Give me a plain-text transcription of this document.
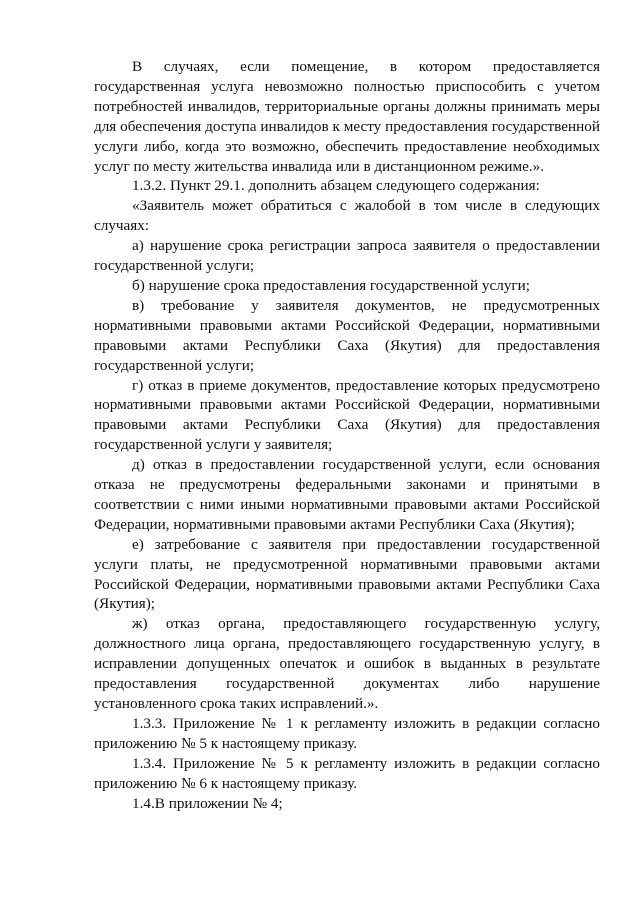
В случаях, если помещение, в котором предоставляется государственная услуга невозможно полностью приспособить с учетом потребностей инвалидов, территориальные органы должны принимать меры для обеспечения доступа инвалидов к месту предоставления государственной услуги либо, когда это возможно, обеспечить предоставление необходимых услуг по месту жительства инвалида или в дистанционном режиме.».

1.3.2. Пункт 29.1. дополнить абзацем следующего содержания:

«Заявитель может обратиться с жалобой в том числе в следующих случаях:

а) нарушение срока регистрации запроса заявителя о предоставлении государственной услуги;

б) нарушение срока предоставления государственной услуги;

в) требование у заявителя документов, не предусмотренных нормативными правовыми актами Российской Федерации, нормативными правовыми актами Республики Саха (Якутия) для предоставления государственной услуги;

г) отказ в приеме документов, предоставление которых предусмотрено нормативными правовыми актами Российской Федерации, нормативными правовыми актами Республики Саха (Якутия) для предоставления государственной услуги у заявителя;

д) отказ в предоставлении государственной услуги, если основания отказа не предусмотрены федеральными законами и принятыми в соответствии с ними иными нормативными правовыми актами Российской Федерации, нормативными правовыми актами Республики Саха (Якутия);

е) затребование с заявителя при предоставлении государственной услуги платы, не предусмотренной нормативными правовыми актами Российской Федерации, нормативными правовыми актами Республики Саха (Якутия);

ж) отказ органа, предоставляющего государственную услугу, должностного лица органа, предоставляющего государственную услугу, в исправлении допущенных опечаток и ошибок в выданных в результате предоставления государственной документах либо нарушение установленного срока таких исправлений.».

1.3.3. Приложение № 1 к регламенту изложить в редакции согласно приложению № 5 к настоящему приказу.

1.3.4. Приложение № 5 к регламенту изложить в редакции согласно приложению № 6 к настоящему приказу.

1.4.В приложении № 4;
